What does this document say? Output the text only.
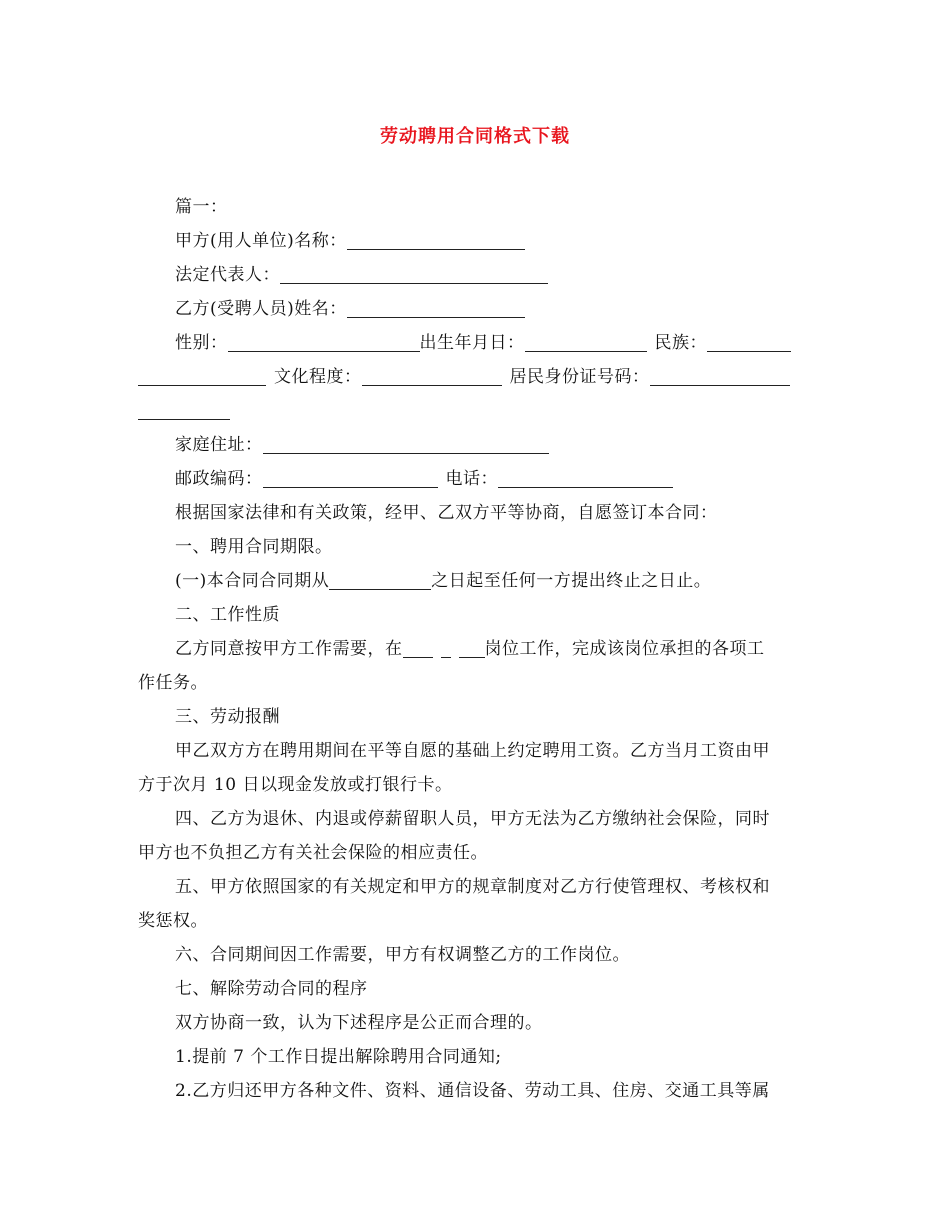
劳动聘用合同格式下载
篇一：
甲方(用人单位)名称：
法定代表人：
乙方(受聘人员)姓名：
性别：	出生年月日：	民族：
文化程度：	居民身份证号码：
家庭住址：
邮政编码：	电话：
根据国家法律和有关政策，经甲、乙双方平等协商，自愿签订本合同：
一、聘用合同期限。
(一)本合同合同期从	之日起至任何一方提出终止之日止。
二、工作性质
乙方同意按甲方工作需要，在	岗位工作，完成该岗位承担的各项工
作任务。
三、劳动报酬
甲乙双方方在聘用期间在平等自愿的基础上约定聘用工资。乙方当月工资由甲
方于次月 10 日以现金发放或打银行卡。
四、乙方为退休、内退或停薪留职人员，甲方无法为乙方缴纳社会保险，同时
甲方也不负担乙方有关社会保险的相应责任。
五、甲方依照国家的有关规定和甲方的规章制度对乙方行使管理权、考核权和
奖惩权。
六、合同期间因工作需要，甲方有权调整乙方的工作岗位。
七、解除劳动合同的程序
双方协商一致，认为下述程序是公正而合理的。
1.提前 7 个工作日提出解除聘用合同通知;
2.乙方归还甲方各种文件、资料、通信设备、劳动工具、住房、交通工具等属
